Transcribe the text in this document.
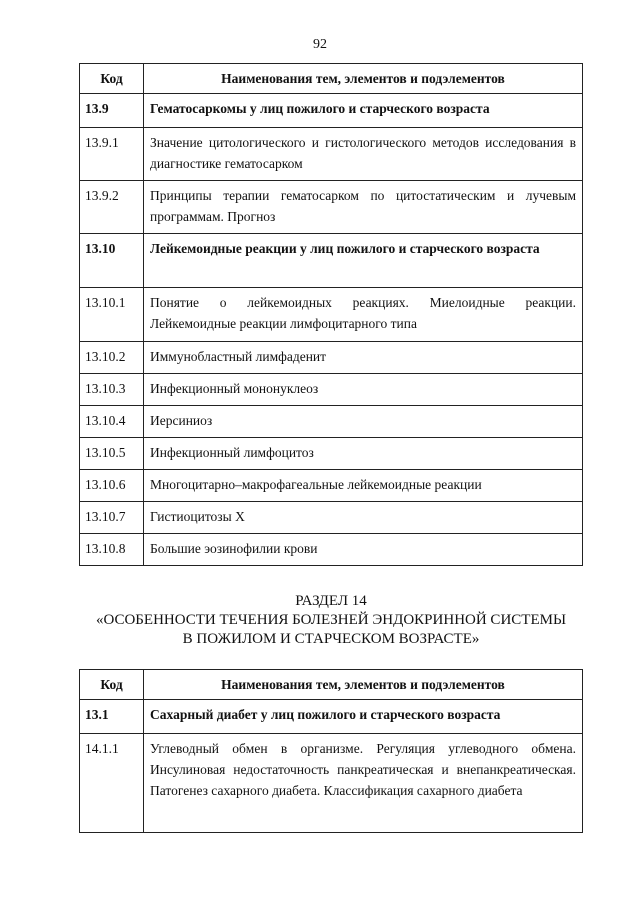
92
Код	Наименования тем, элементов и подэлементов
13.9	Гематосаркомы у лиц пожилого и старческого возраста
13.9.1	Значение цитологического и гистологического методов исследования в диагностике гематосарком
13.9.2	Принципы терапии гематосарком по цитостатическим и лучевым программам. Прогноз
13.10	Лейкемоидные реакции у лиц пожилого и старческого возраста
13.10.1	Понятие о лейкемоидных реакциях. Миелоидные реакции. Лейкемоидные реакции лимфоцитарного типа
13.10.2	Иммунобластный лимфаденит
13.10.3	Инфекционный мононуклеоз
13.10.4	Иерсиниоз
13.10.5	Инфекционный лимфоцитоз
13.10.6	Многоцитарно–макрофагеальные лейкемоидные реакции
13.10.7	Гистиоцитозы Х
13.10.8	Большие эозинофилии крови
РАЗДЕЛ 14
«ОСОБЕННОСТИ ТЕЧЕНИЯ БОЛЕЗНЕЙ ЭНДОКРИННОЙ СИСТЕМЫ
В ПОЖИЛОМ И СТАРЧЕСКОМ ВОЗРАСТЕ»
Код	Наименования тем, элементов и подэлементов
13.1	Сахарный диабет у лиц пожилого и старческого возраста
14.1.1	Углеводный обмен в организме. Регуляция углеводного обмена. Инсулиновая недостаточность панкреатическая и внепанкреатическая. Патогенез сахарного диабета. Классификация сахарного диабета
